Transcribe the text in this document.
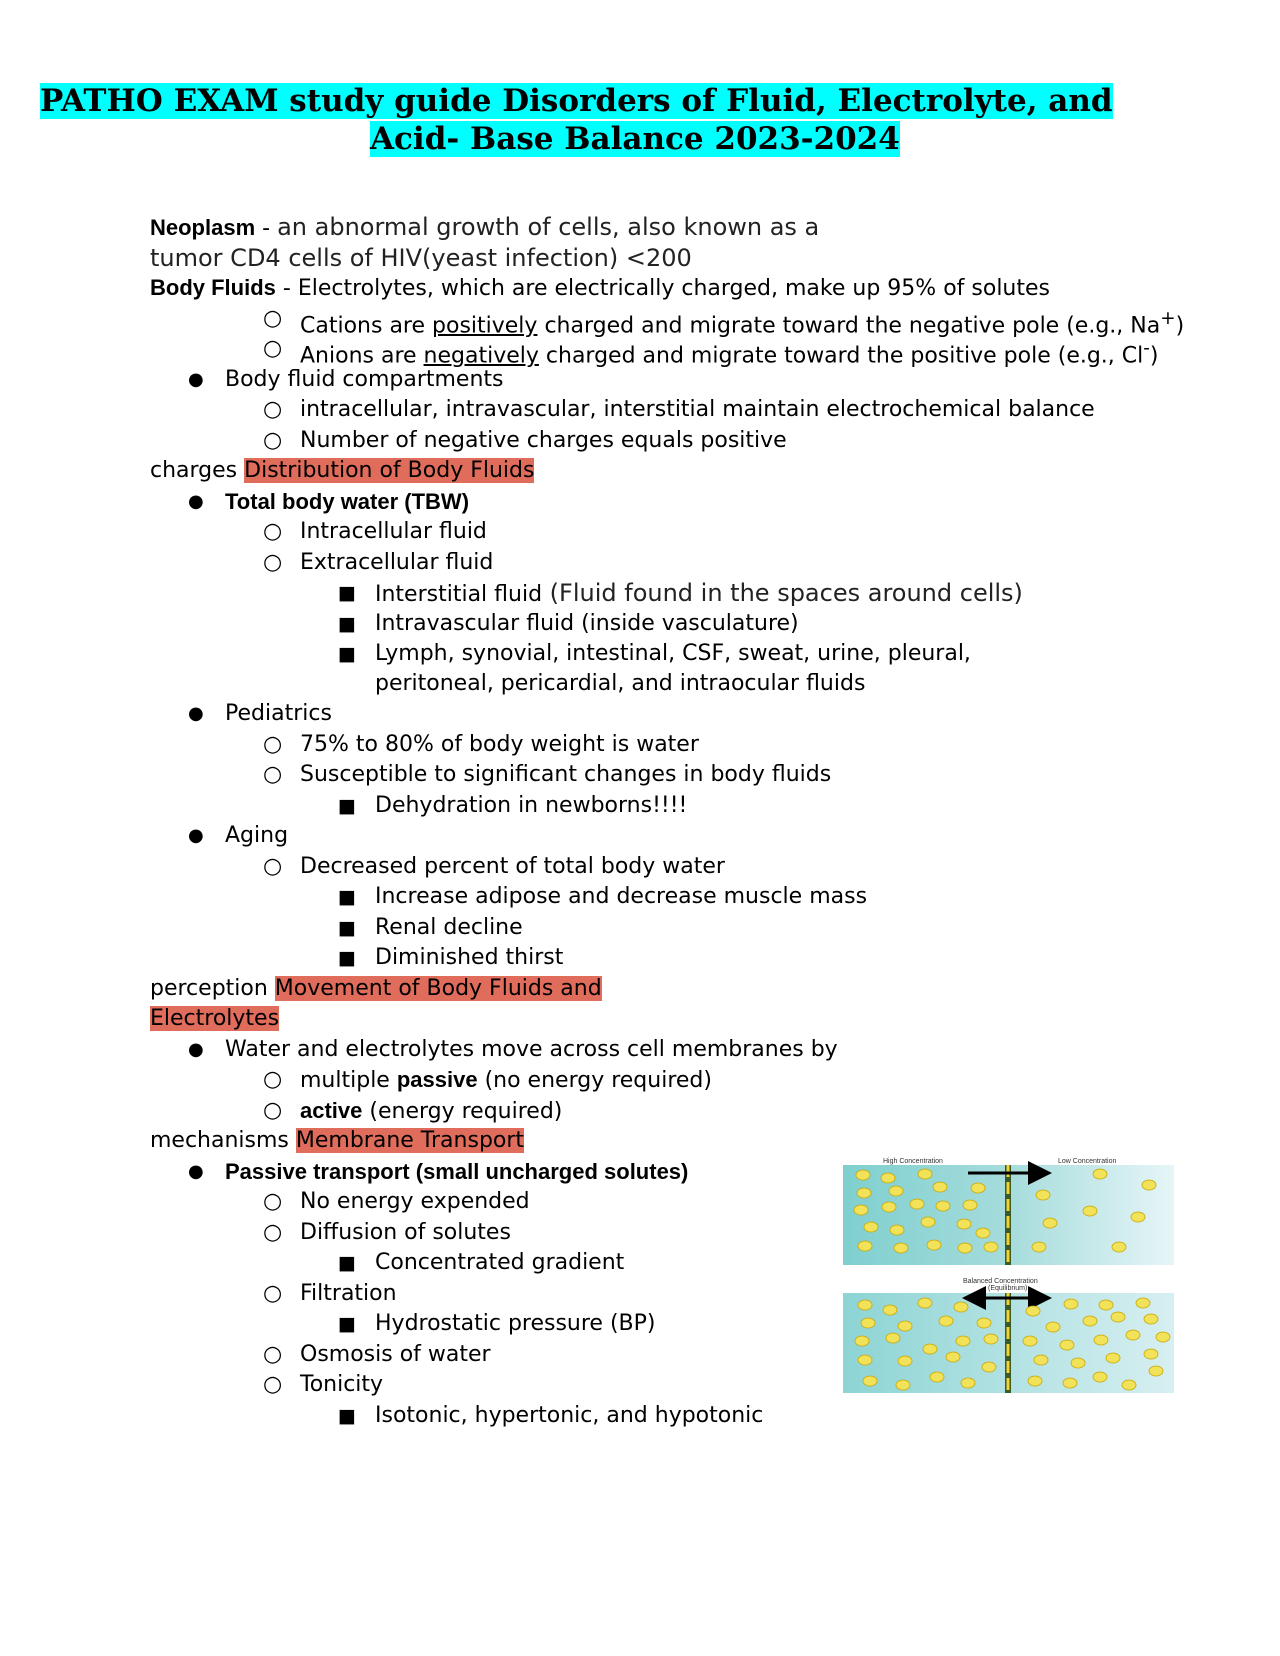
PATHO EXAM study guide Disorders of Fluid, Electrolyte, and
Acid- Base Balance 2023-2024
Neoplasm - an abnormal growth of cells, also known as a
tumor CD4 cells of HIV(yeast infection) <200
Body Fluids - Electrolytes, which are electrically charged, make up 95% of solutes
○ Cations are positively charged and migrate toward the negative pole (e.g., Na+)
○ Anions are negatively charged and migrate toward the positive pole (e.g., Cl-)
● Body fluid compartments
○ intracellular, intravascular, interstitial maintain electrochemical balance
○ Number of negative charges equals positive
charges Distribution of Body Fluids
● Total body water (TBW)
○ Intracellular fluid
○ Extracellular fluid
■ Interstitial fluid (Fluid found in the spaces around cells)
■ Intravascular fluid (inside vasculature)
■ Lymph, synovial, intestinal, CSF, sweat, urine, pleural,
peritoneal, pericardial, and intraocular fluids
● Pediatrics
○ 75% to 80% of body weight is water
○ Susceptible to significant changes in body fluids
■ Dehydration in newborns!!!!
● Aging
○ Decreased percent of total body water
■ Increase adipose and decrease muscle mass
■ Renal decline
■ Diminished thirst
perception Movement of Body Fluids and
Electrolytes
● Water and electrolytes move across cell membranes by
○ multiple passive (no energy required)
○ active (energy required)
mechanisms Membrane Transport
● Passive transport (small uncharged solutes)
○ No energy expended
○ Diffusion of solutes
■ Concentrated gradient
○ Filtration
■ Hydrostatic pressure (BP)
○ Osmosis of water
○ Tonicity
■ Isotonic, hypertonic, and hypotonic
High Concentration	Low Concentration
Balanced Concentration
(Equilibrium)
